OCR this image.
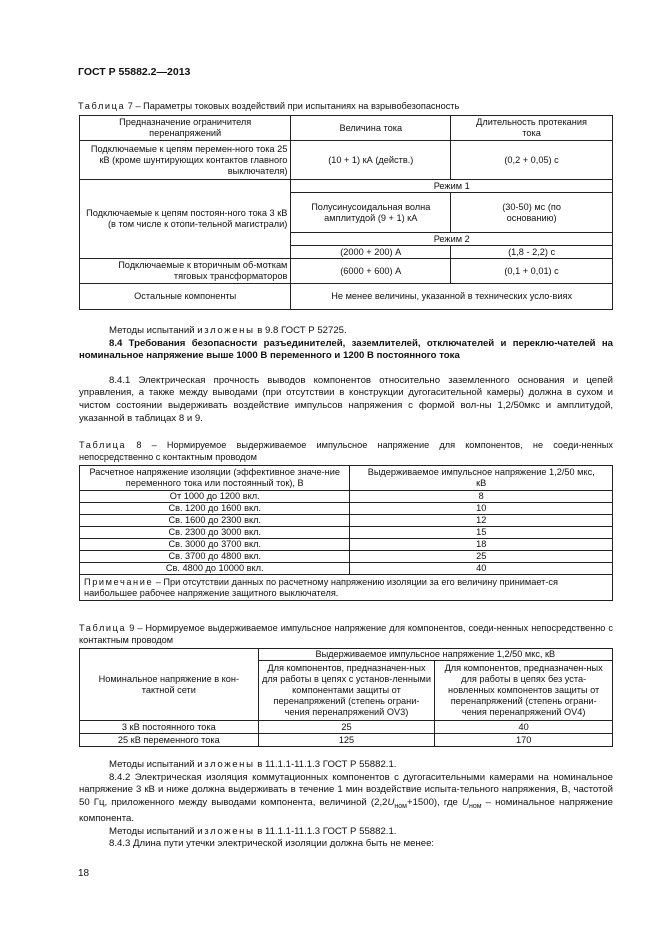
ГОСТ Р 55882.2—2013
Таблица 7 – Параметры токовых воздействий при испытаниях на взрывобезопасность
Предназначение ограничителя перенапряжений	Величина тока	Длительность протекания тока
Подключаемые к цепям перемен-ного тока 25 кВ (кроме шунтирующих контактов главного выключателя)	(10 + 1) кА (действ.)	(0,2 + 0,05) с
Подключаемые к цепям постоян-ного тока 3 кВ (в том числе к отопи-тельной магистрали)	Режим 1	
	Полусинусоидальная волна амплитудой (9 + 1) кА	(30-50) мс (по основанию)
	Режим 2	
	(2000 + 200) А	(1,8 - 2,2) с
Подключаемые к вторичным об-моткам тяговых трансформаторов	(6000 + 600) А	(0,1 + 0,01) с
Остальные компоненты	Не менее величины, указанной в технических усло-виях	

Методы испытаний изложены в 9.8 ГОСТ Р 52725.

8.4 Требования безопасности разъединителей, заземлителей, отключателей и переклю-чателей на номинальное напряжение выше 1000 В переменного и 1200 В постоянного тока

8.4.1 Электрическая прочность выводов компонентов относительно заземленного основания и цепей управления, а также между выводами (при отсутствии в конструкции дугогасительной камеры) должна в сухом и чистом состоянии выдерживать воздействие импульсов напряжения с формой вол-ны 1,2/50мкс и амплитудой, указанной в таблицах 8 и 9.

Таблица 8 – Нормируемое выдерживаемое импульсное напряжение для компонентов, не соеди-ненных непосредственно с контактным проводом
Расчетное напряжение изоляции (эффективное значе-ние переменного тока или постоянный ток), В	Выдерживаемое импульсное напряжение 1,2/50 мкс, кВ
От 1000 до 1200 вкл.	8
Св. 1200 до 1600 вкл.	10
Св. 1600 до 2300 вкл.	12
Св. 2300 до 3000 вкл.	15
Св. 3000 до 3700 вкл.	18
Св. 3700 до 4800 вкл.	25
Св. 4800 до 10000 вкл.	40
Примечание – При отсутствии данных по расчетному напряжению изоляции за его величину принимает-ся наибольшее рабочее напряжение защитного выключателя.	
Таблица 9 – Нормируемое выдерживаемое импульсное напряжение для компонентов, соеди-ненных непосредственно с контактным проводом
Номинальное напряжение в кон-тактной сети	Выдерживаемое импульсное напряжение 1,2/50 мкс, кВ	
	Для компонентов, предназначен-ных для работы в цепях с установ-ленными компонентами защиты от перенапряжений (степень ограни-чения перенапряжений OV3)	Для компонентов, предназначен-ных для работы в цепях без уста-новленных компонентов защиты от перенапряжений (степень ограни-чения перенапряжений OV4)
3 кВ постоянного тока	25	40
25 кВ переменного тока	125	170

Методы испытаний изложены в 11.1.1-11.1.3 ГОСТ Р 55882.1.

8.4.2 Электрическая изоляция коммутационных компонентов с дугогасительными камерами на номинальное напряжение 3 кВ и ниже должна выдерживать в течение 1 мин воздействие испыта-тельного напряжения, В, частотой 50 Гц, приложенного между выводами компонента, величиной $(2,2U_{ном}+1500)$, где $U_{ном}$ – номинальное напряжение компонента.

Методы испытаний изложены в 11.1.1-11.1.3 ГОСТ Р 55882.1.

8.4.3 Длина пути утечки электрической изоляции должна быть не менее:

18
